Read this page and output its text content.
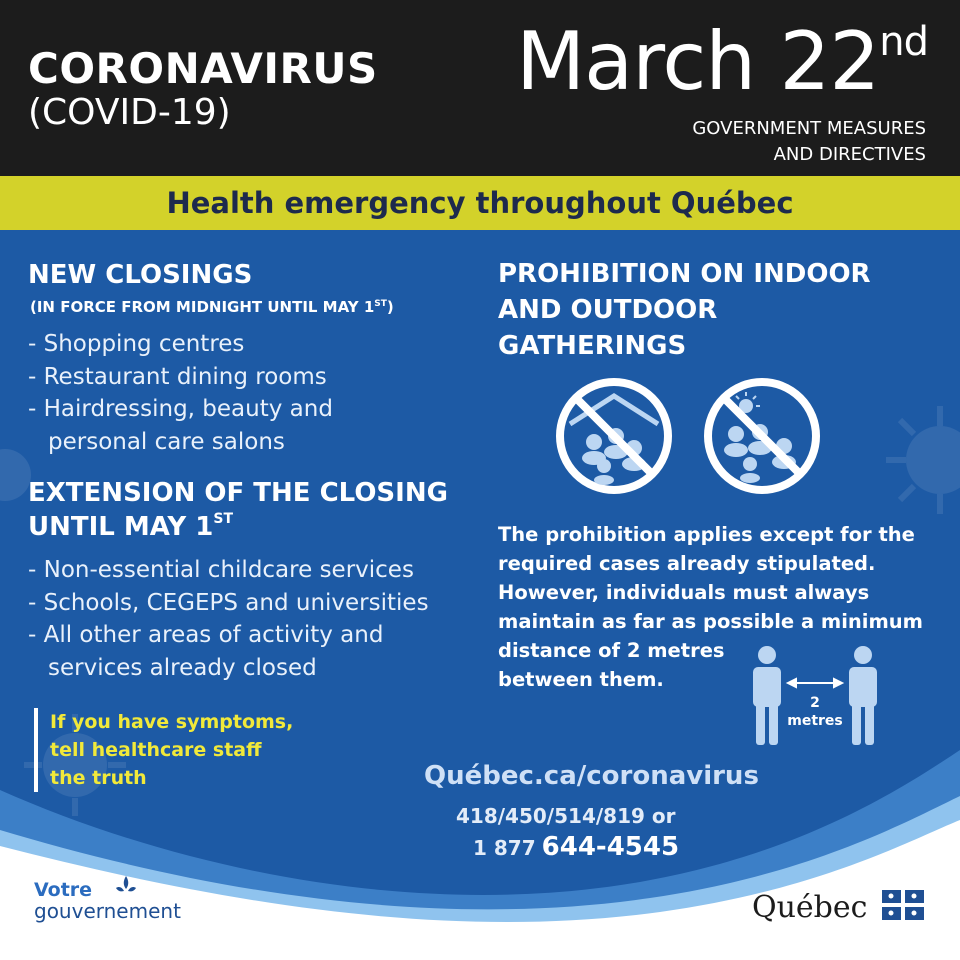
CORONAVIRUS
(COVID-19)
March 22nd
GOVERNMENT MEASURES
AND DIRECTIVES
Health emergency throughout Québec
NEW CLOSINGS
(IN FORCE FROM MIDNIGHT UNTIL MAY 1ST)
- Shopping centres
- Restaurant dining rooms
- Hairdressing, beauty and personal care salons
EXTENSION OF THE CLOSING
UNTIL MAY 1ST
- Non-essential childcare services
- Schools, CEGEPS and universities
- All other areas of activity and services already closed
If you have symptoms,
tell healthcare staff
the truth
PROHIBITION ON INDOOR
AND OUTDOOR
GATHERINGS
The prohibition applies except for the
required cases already stipulated.
However, individuals must always
maintain as far as possible a minimum
distance of 2 metres
between them.
2
metres
Québec.ca/coronavirus
418/450/514/819 or
1 877 644-4545
Votre
gouvernement	Québec
